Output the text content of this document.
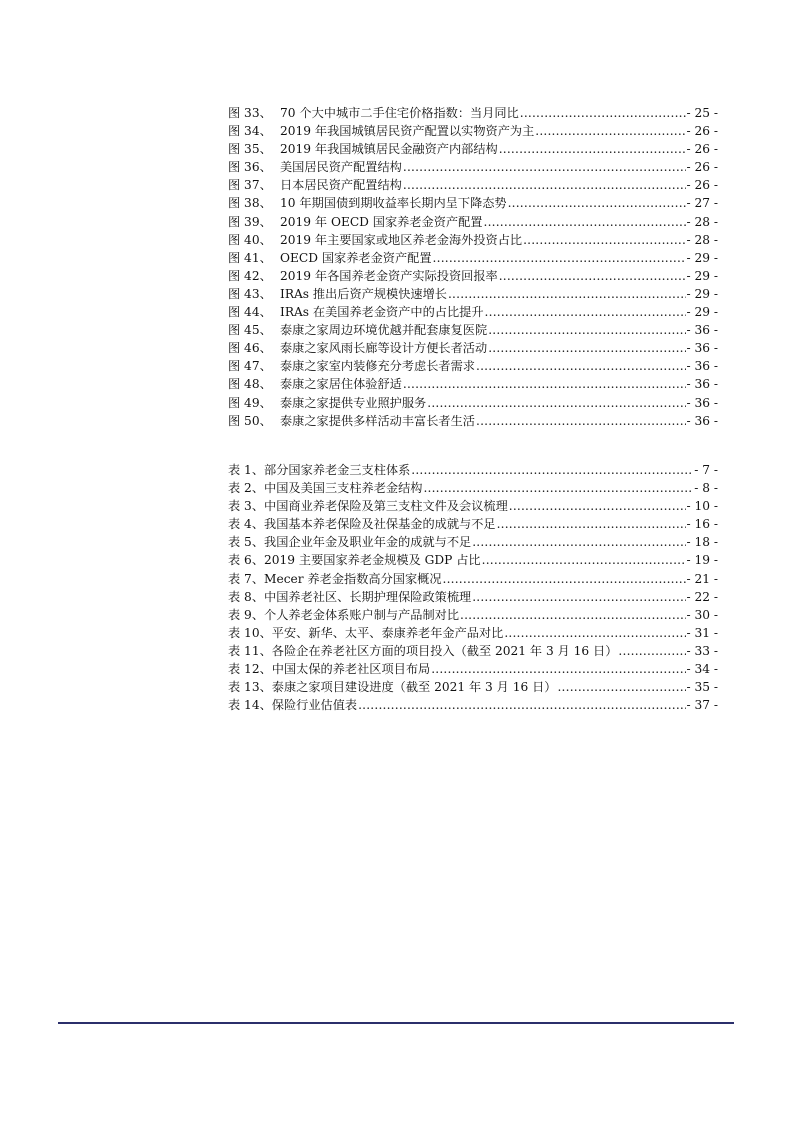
图 33、 70 个大中城市二手住宅价格指数：当月同比 .....	- 25 -
图 34、 2019 年我国城镇居民资产配置以实物资产为主 .....	- 26 -
图 35、 2019 年我国城镇居民金融资产内部结构 .....	- 26 -
图 36、 美国居民资产配置结构 .....	- 26 -
图 37、 日本居民资产配置结构 .....	- 26 -
图 38、 10 年期国债到期收益率长期内呈下降态势 .....	- 27 -
图 39、 2019 年 OECD 国家养老金资产配置 .....	- 28 -
图 40、 2019 年主要国家或地区养老金海外投资占比 .....	- 28 -
图 41、 OECD 国家养老金资产配置 .....	- 29 -
图 42、 2019 年各国养老金资产实际投资回报率 .....	- 29 -
图 43、 IRAs 推出后资产规模快速增长 .....	- 29 -
图 44、 IRAs 在美国养老金资产中的占比提升 .....	- 29 -
图 45、 泰康之家周边环境优越并配套康复医院 .....	- 36 -
图 46、 泰康之家风雨长廊等设计方便长者活动 .....	- 36 -
图 47、 泰康之家室内装修充分考虑长者需求 .....	- 36 -
图 48、 泰康之家居住体验舒适 .....	- 36 -
图 49、 泰康之家提供专业照护服务 .....	- 36 -
图 50、 泰康之家提供多样活动丰富长者生活 .....	- 36 -
表 1、 部分国家养老金三支柱体系 .....	- 7 -
表 2、 中国及美国三支柱养老金结构 .....	- 8 -
表 3、 中国商业养老保险及第三支柱文件及会议梳理 .....	- 10 -
表 4、 我国基本养老保险及社保基金的成就与不足 .....	- 16 -
表 5、 我国企业年金及职业年金的成就与不足 .....	- 18 -
表 6、 2019 主要国家养老金规模及 GDP 占比 .....	- 19 -
表 7、 Mecer 养老金指数高分国家概况 .....	- 21 -
表 8、 中国养老社区、长期护理保险政策梳理 .....	- 22 -
表 9、 个人养老金体系账户制与产品制对比 .....	- 30 -
表 10、 平安、新华、太平、泰康养老年金产品对比 .....	- 31 -
表 11、 各险企在养老社区方面的项目投入（截至 2021 年 3 月 16 日） .....	- 33 -
表 12、 中国太保的养老社区项目布局 .....	- 34 -
表 13、 泰康之家项目建设进度（截至 2021 年 3 月 16 日） .....	- 35 -
表 14、 保险行业估值表 .....	- 37 -
